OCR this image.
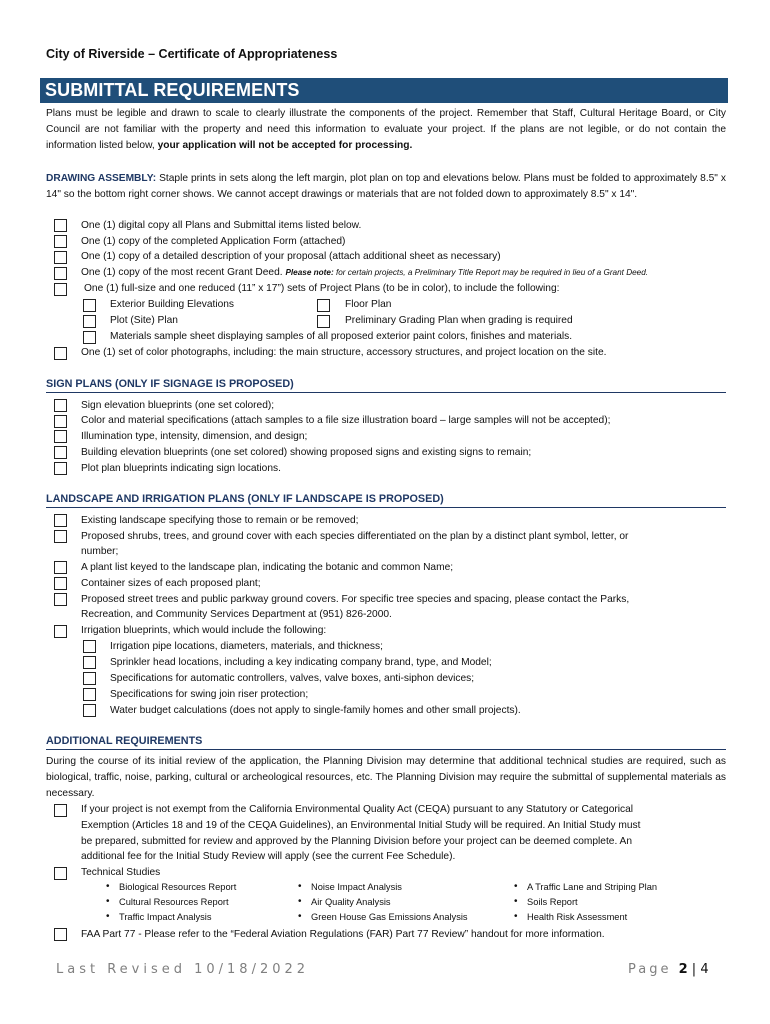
City of Riverside – Certificate of Appropriateness
SUBMITTAL REQUIREMENTS
Plans must be legible and drawn to scale to clearly illustrate the components of the project. Remember that Staff, Cultural Heritage Board, or City Council are not familiar with the property and need this information to evaluate your project. If the plans are not legible, or do not contain the information listed below, your application will not be accepted for processing.
DRAWING ASSEMBLY: Staple prints in sets along the left margin, plot plan on top and elevations below. Plans must be folded to approximately 8.5" x 14" so the bottom right corner shows. We cannot accept drawings or materials that are not folded down to approximately 8.5" x 14".
One (1) digital copy all Plans and Submittal items listed below.
One (1) copy of the completed Application Form (attached)
One (1) copy of a detailed description of your proposal (attach additional sheet as necessary)
One (1) copy of the most recent Grant Deed. Please note: for certain projects, a Preliminary Title Report may be required in lieu of a Grant Deed.
One (1) full-size and one reduced (11” x 17”) sets of Project Plans (to be in color), to include the following:
Exterior Building Elevations	Floor Plan
Plot (Site) Plan	Preliminary Grading Plan when grading is required
Materials sample sheet displaying samples of all proposed exterior paint colors, finishes and materials.
One (1) set of color photographs, including: the main structure, accessory structures, and project location on the site.
SIGN PLANS (ONLY IF SIGNAGE IS PROPOSED)
Sign elevation blueprints (one set colored);
Color and material specifications (attach samples to a file size illustration board – large samples will not be accepted);
Illumination type, intensity, dimension, and design;
Building elevation blueprints (one set colored) showing proposed signs and existing signs to remain;
Plot plan blueprints indicating sign locations.
LANDSCAPE AND IRRIGATION PLANS (ONLY IF LANDSCAPE IS PROPOSED)
Existing landscape specifying those to remain or be removed;
Proposed shrubs, trees, and ground cover with each species differentiated on the plan by a distinct plant symbol, letter, or
number;
A plant list keyed to the landscape plan, indicating the botanic and common Name;
Container sizes of each proposed plant;
Proposed street trees and public parkway ground covers. For specific tree species and spacing, please contact the Parks,
Recreation, and Community Services Department at (951) 826-2000.
Irrigation blueprints, which would include the following:
Irrigation pipe locations, diameters, materials, and thickness;
Sprinkler head locations, including a key indicating company brand, type, and Model;
Specifications for automatic controllers, valves, valve boxes, anti-siphon devices;
Specifications for swing join riser protection;
Water budget calculations (does not apply to single-family homes and other small projects).
ADDITIONAL REQUIREMENTS
During the course of its initial review of the application, the Planning Division may determine that additional technical studies are required, such as biological, traffic, noise, parking, cultural or archeological resources, etc. The Planning Division may require the submittal of supplemental materials as necessary.
If your project is not exempt from the California Environmental Quality Act (CEQA) pursuant to any Statutory or Categorical
Exemption (Articles 18 and 19 of the CEQA Guidelines), an Environmental Initial Study will be required. An Initial Study must
be prepared, submitted for review and approved by the Planning Division before your project can be deemed complete. An
additional fee for the Initial Study Review will apply (see the current Fee Schedule).
Technical Studies
• Biological Resources Report	• Noise Impact Analysis	• A Traffic Lane and Striping Plan
• Cultural Resources Report	• Air Quality Analysis	• Soils Report
• Traffic Impact Analysis	• Green House Gas Emissions Analysis	• Health Risk Assessment
FAA Part 77 - Please refer to the “Federal Aviation Regulations (FAR) Part 77 Review” handout for more information.
Last Revised 10/18/2022	Page 2 | 4
